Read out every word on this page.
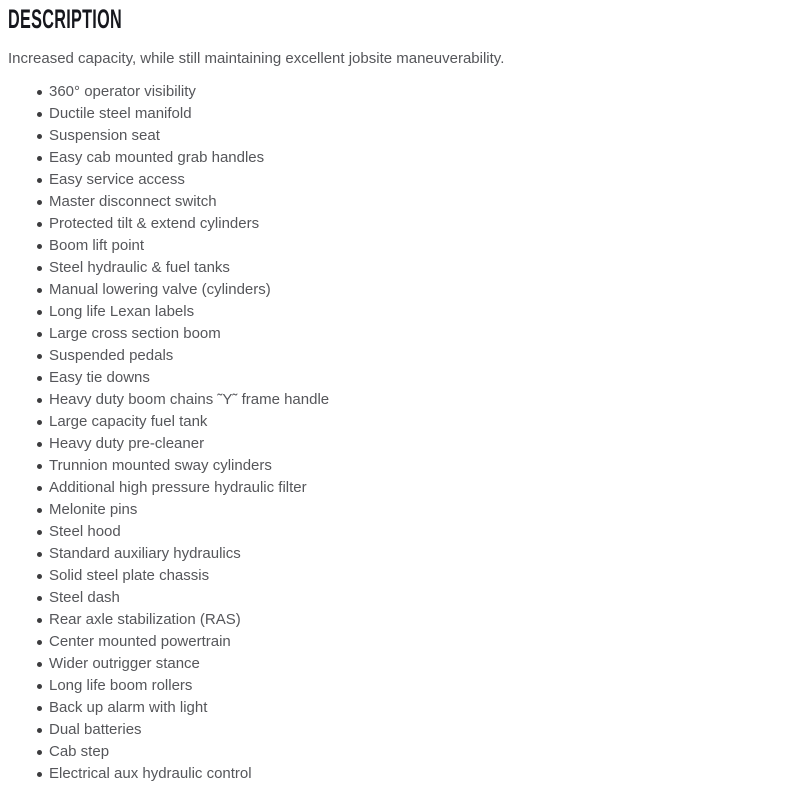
DESCRIPTION

Increased capacity, while still maintaining excellent jobsite maneuverability.

360° operator visibility
Ductile steel manifold
Suspension seat
Easy cab mounted grab handles
Easy service access
Master disconnect switch
Protected tilt & extend cylinders
Boom lift point
Steel hydraulic & fuel tanks
Manual lowering valve (cylinders)
Long life Lexan labels
Large cross section boom
Suspended pedals
Easy tie downs
Heavy duty boom chains ˜Y˜ frame handle
Large capacity fuel tank
Heavy duty pre-cleaner
Trunnion mounted sway cylinders
Additional high pressure hydraulic filter
Melonite pins
Steel hood
Standard auxiliary hydraulics
Solid steel plate chassis
Steel dash
Rear axle stabilization (RAS)
Center mounted powertrain
Wider outrigger stance
Long life boom rollers
Back up alarm with light
Dual batteries
Cab step
Electrical aux hydraulic control
